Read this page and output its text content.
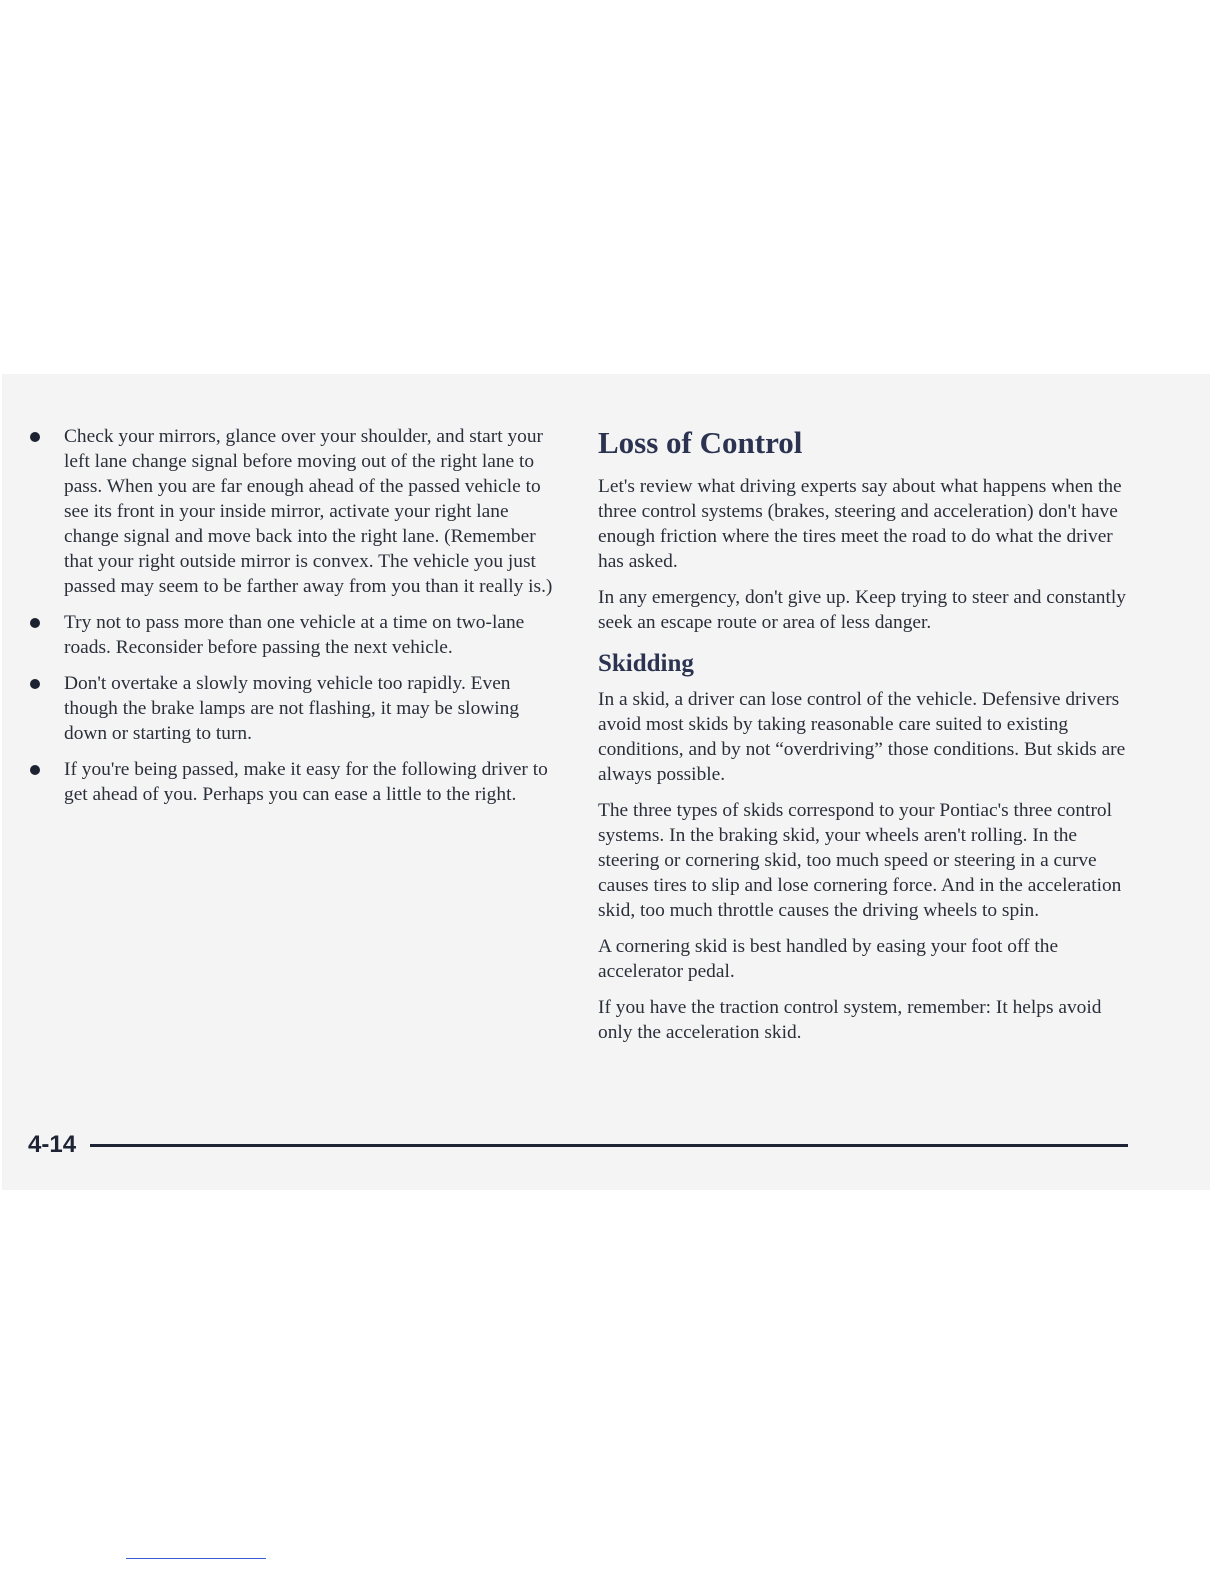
Check your mirrors, glance over your shoulder, and start your left lane change signal before moving out of the right lane to pass. When you are far enough ahead of the passed vehicle to see its front in your inside mirror, activate your right lane change signal and move back into the right lane. (Remember that your right outside mirror is convex. The vehicle you just passed may seem to be farther away from you than it really is.)
Try not to pass more than one vehicle at a time on two-lane roads. Reconsider before passing the next vehicle.
Don't overtake a slowly moving vehicle too rapidly. Even though the brake lamps are not flashing, it may be slowing down or starting to turn.
If you're being passed, make it easy for the following driver to get ahead of you. Perhaps you can ease a little to the right.
Loss of Control

Let's review what driving experts say about what happens when the three control systems (brakes, steering and acceleration) don't have enough friction where the tires meet the road to do what the driver has asked.

In any emergency, don't give up. Keep trying to steer and constantly seek an escape route or area of less danger.

Skidding

In a skid, a driver can lose control of the vehicle. Defensive drivers avoid most skids by taking reasonable care suited to existing conditions, and by not “overdriving” those conditions. But skids are always possible.

The three types of skids correspond to your Pontiac's three control systems. In the braking skid, your wheels aren't rolling. In the steering or cornering skid, too much speed or steering in a curve causes tires to slip and lose cornering force. And in the acceleration skid, too much throttle causes the driving wheels to spin.

A cornering skid is best handled by easing your foot off the accelerator pedal.

If you have the traction control system, remember: It helps avoid only the acceleration skid.

4-14
